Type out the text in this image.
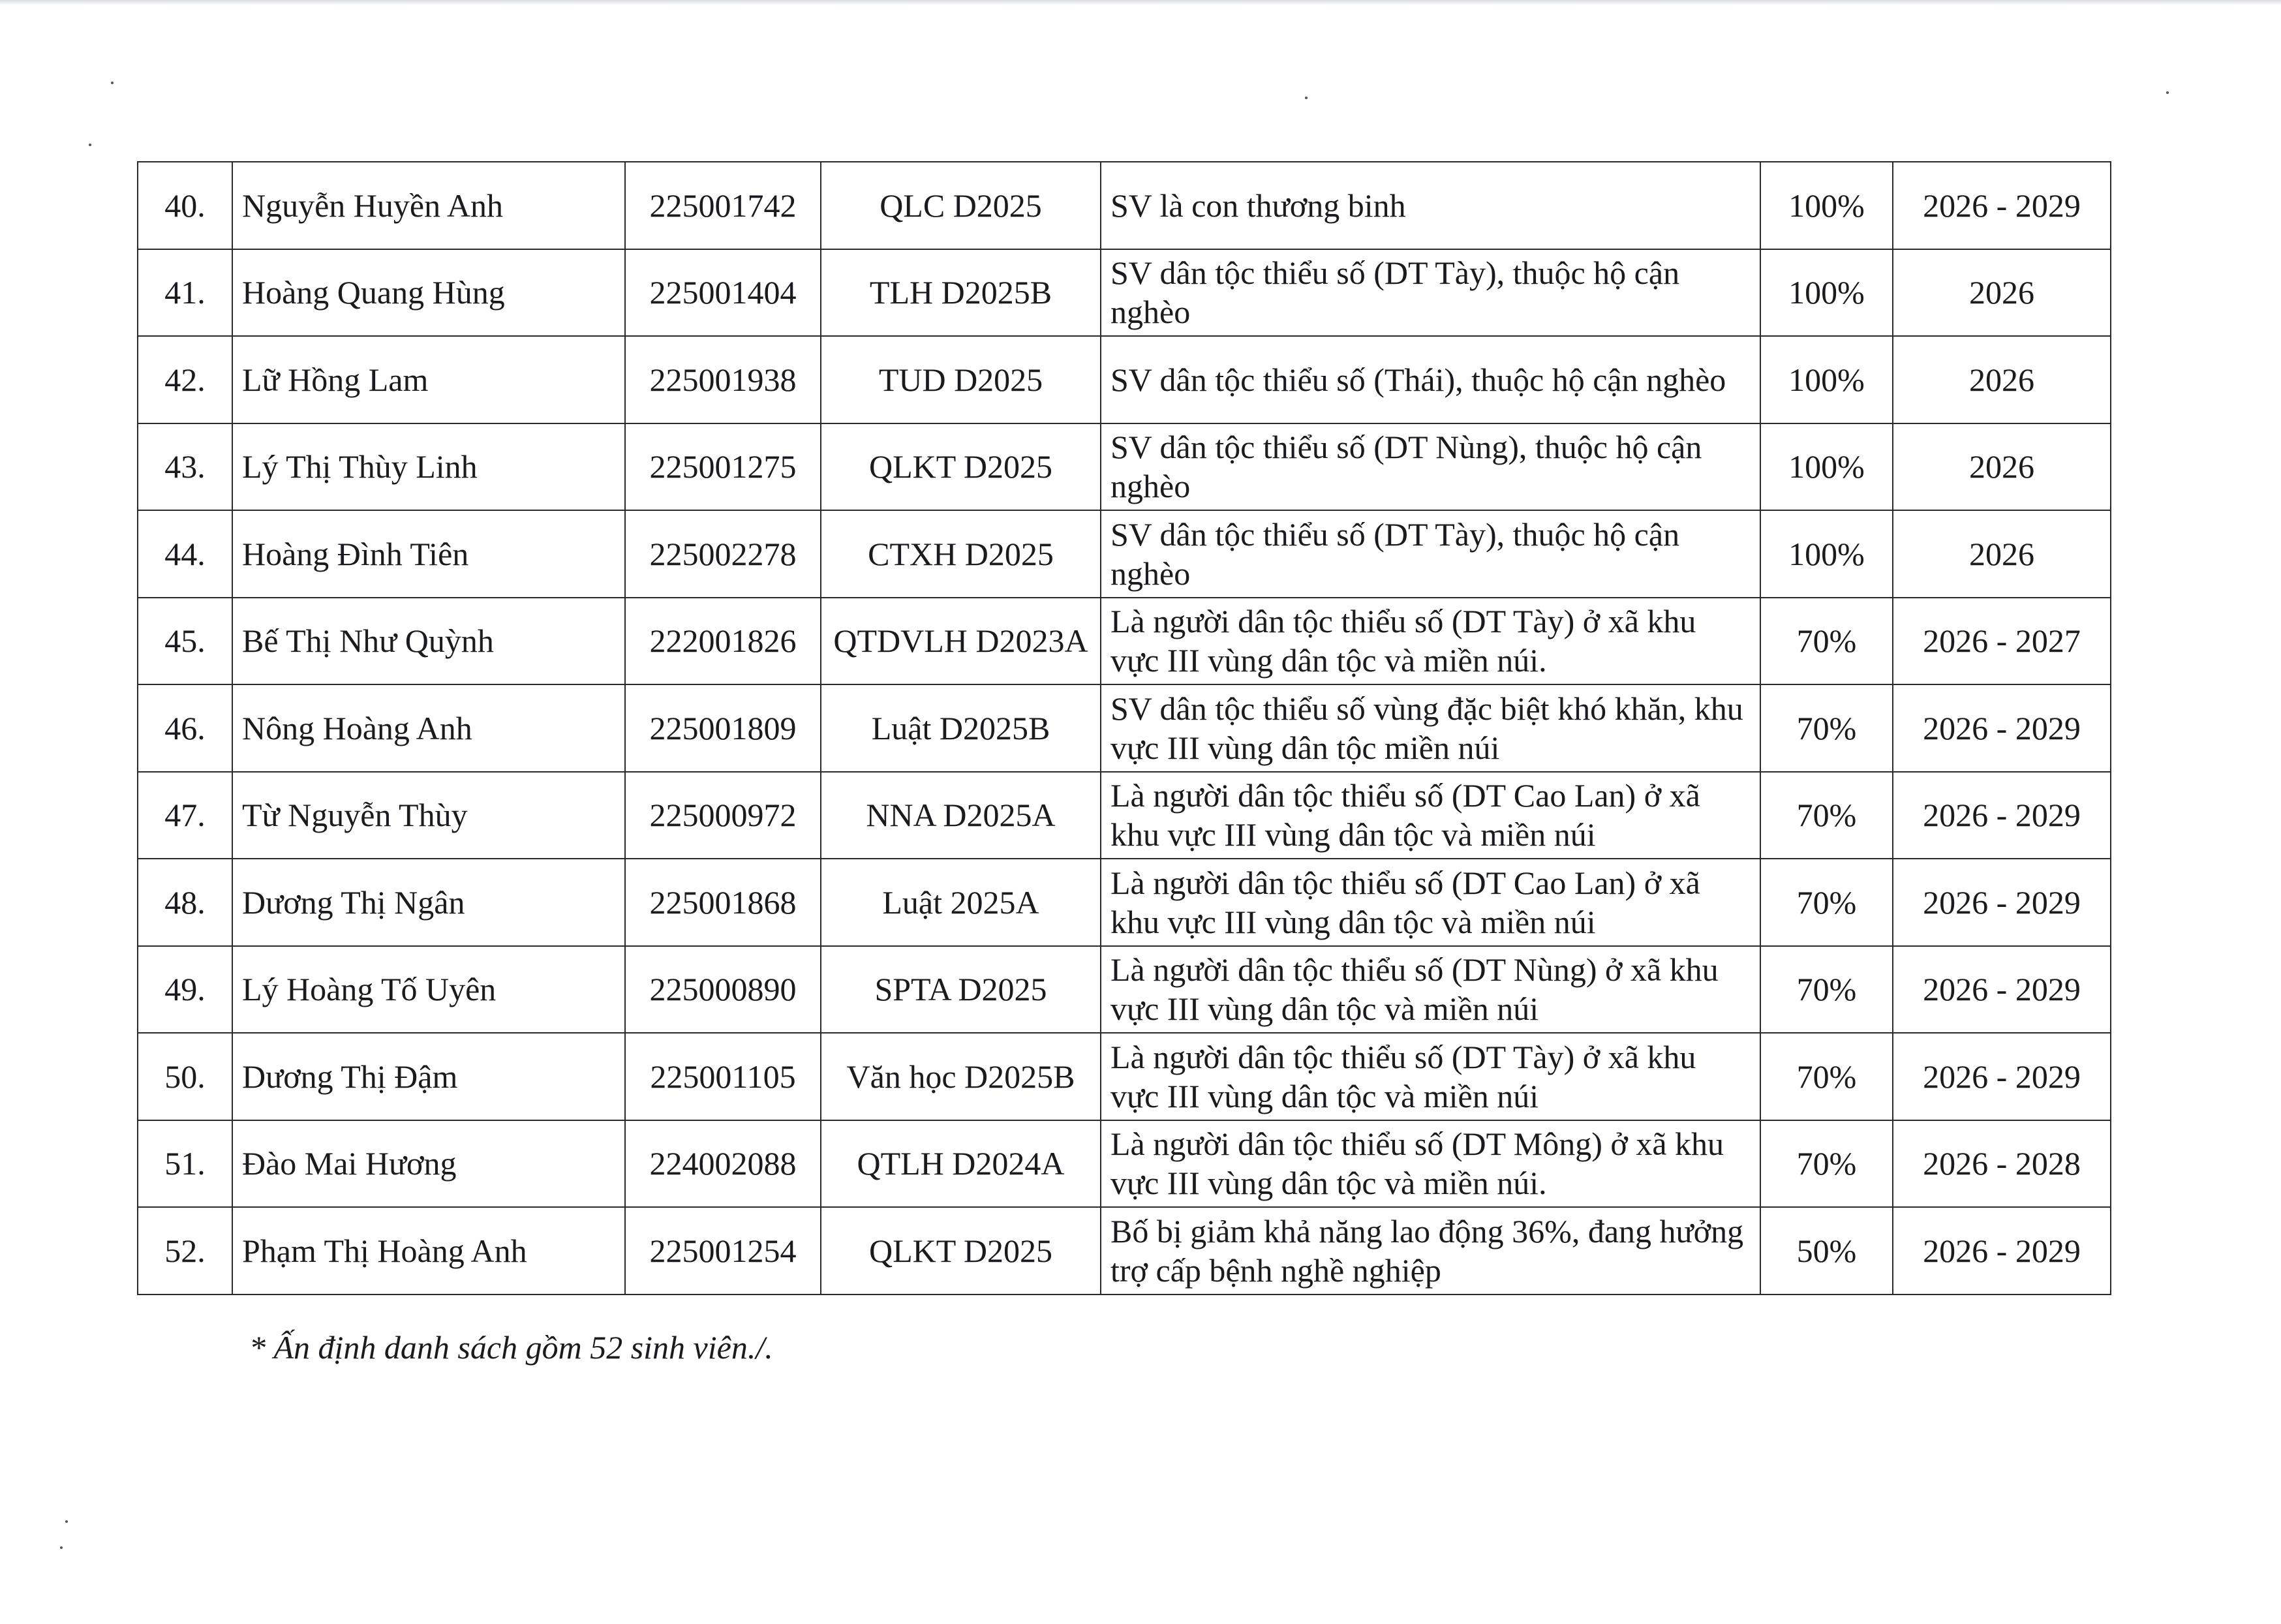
40.	Nguyễn Huyền Anh	225001742	QLC D2025	SV là con thương binh	100%	2026 - 2029
41.	Hoàng Quang Hùng	225001404	TLH D2025B	SV dân tộc thiểu số (DT Tày), thuộc hộ cận nghèo	100%	2026
42.	Lữ Hồng Lam	225001938	TUD D2025	SV dân tộc thiểu số (Thái), thuộc hộ cận nghèo	100%	2026
43.	Lý Thị Thùy Linh	225001275	QLKT D2025	SV dân tộc thiểu số (DT Nùng), thuộc hộ cận nghèo	100%	2026
44.	Hoàng Đình Tiên	225002278	CTXH D2025	SV dân tộc thiểu số (DT Tày), thuộc hộ cận nghèo	100%	2026
45.	Bế Thị Như Quỳnh	222001826	QTDVLH D2023A	Là người dân tộc thiểu số (DT Tày) ở xã khu vực III vùng dân tộc và miền núi.	70%	2026 - 2027
46.	Nông Hoàng Anh	225001809	Luật D2025B	SV dân tộc thiểu số vùng đặc biệt khó khăn, khu vực III vùng dân tộc miền núi	70%	2026 - 2029
47.	Từ Nguyễn Thùy	225000972	NNA D2025A	Là người dân tộc thiểu số (DT Cao Lan) ở xã khu vực III vùng dân tộc và miền núi	70%	2026 - 2029
48.	Dương Thị Ngân	225001868	Luật 2025A	Là người dân tộc thiểu số (DT Cao Lan) ở xã khu vực III vùng dân tộc và miền núi	70%	2026 - 2029
49.	Lý Hoàng Tố Uyên	225000890	SPTA D2025	Là người dân tộc thiểu số (DT Nùng) ở xã khu vực III vùng dân tộc và miền núi	70%	2026 - 2029
50.	Dương Thị Đậm	225001105	Văn học D2025B	Là người dân tộc thiểu số (DT Tày) ở xã khu vực III vùng dân tộc và miền núi	70%	2026 - 2029
51.	Đào Mai Hương	224002088	QTLH D2024A	Là người dân tộc thiểu số (DT Mông) ở xã khu vực III vùng dân tộc và miền núi.	70%	2026 - 2028
52.	Phạm Thị Hoàng Anh	225001254	QLKT D2025	Bố bị giảm khả năng lao động 36%, đang hưởng trợ cấp bệnh nghề nghiệp	50%	2026 - 2029
* Ấn định danh sách gồm 52 sinh viên./.
